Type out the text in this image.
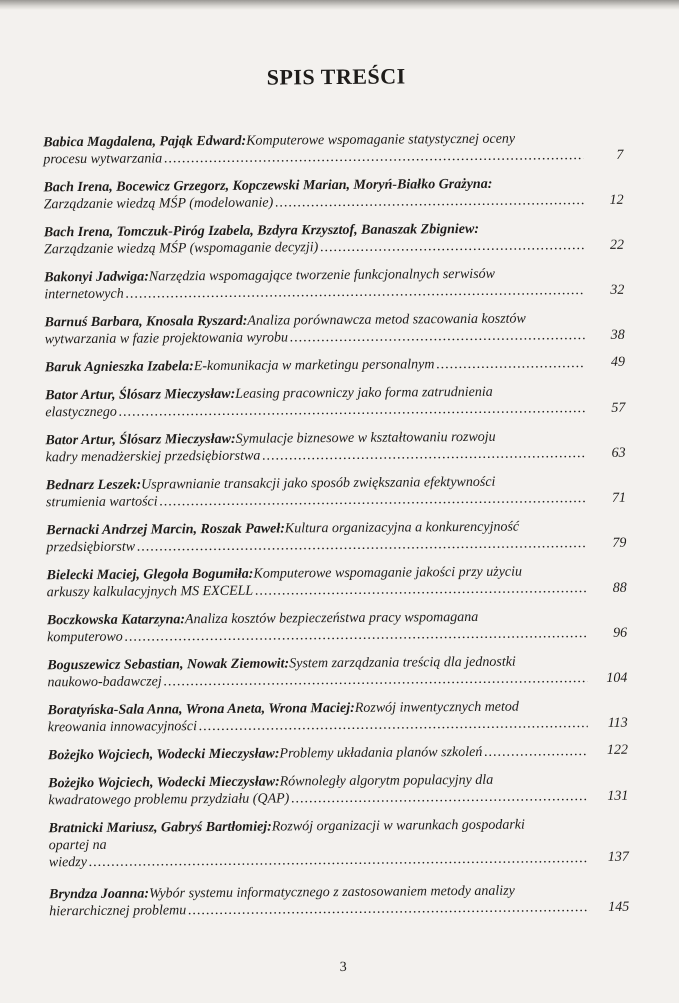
SPIS TREŚCI
Babica Magdalena, Pająk Edward: Komputerowe wspomaganie statystycznej oceny
procesu wytwarzania .....	7
Bach Irena, Bocewicz Grzegorz, Kopczewski Marian, Moryń-Białko Grażyna:
Zarządzanie wiedzą MŚP (modelowanie) .....	12
Bach Irena, Tomczuk-Piróg Izabela, Bzdyra Krzysztof, Banaszak Zbigniew:
Zarządzanie wiedzą MŚP (wspomaganie decyzji) .....	22
Bakonyi Jadwiga: Narzędzia wspomagające tworzenie funkcjonalnych serwisów
internetowych .....	32
Barnuś Barbara, Knosala Ryszard: Analiza porównawcza metod szacowania kosztów
wytwarzania w fazie projektowania wyrobu .....	38
Baruk Agnieszka Izabela: E-komunikacja w marketingu personalnym .....	49
Bator Artur, Ślósarz Mieczysław: Leasing pracowniczy jako forma zatrudnienia
elastycznego .....	57
Bator Artur, Ślósarz Mieczysław: Symulacje biznesowe w kształtowaniu rozwoju
kadry menadżerskiej przedsiębiorstwa .....	63
Bednarz Leszek: Usprawnianie transakcji jako sposób zwiększania efektywności
strumienia wartości .....	71
Bernacki Andrzej Marcin, Roszak Paweł: Kultura organizacyjna a konkurencyjność
przedsiębiorstw .....	79
Bielecki Maciej, Glegoła Bogumiła: Komputerowe wspomaganie jakości przy użyciu
arkuszy kalkulacyjnych MS EXCELL .....	88
Boczkowska Katarzyna: Analiza kosztów bezpieczeństwa pracy wspomagana
komputerowo .....	96
Boguszewicz Sebastian, Nowak Ziemowit: System zarządzania treścią dla jednostki
naukowo-badawczej .....	104
Boratyńska-Sala Anna, Wrona Aneta, Wrona Maciej: Rozwój inwentycznych metod
kreowania innowacyjności .....	113
Bożejko Wojciech, Wodecki Mieczysław: Problemy układania planów szkoleń .....	122
Bożejko Wojciech, Wodecki Mieczysław: Równoległy algorytm populacyjny dla
kwadratowego problemu przydziału (QAP) .....	131
Bratnicki Mariusz, Gabryś Bartłomiej: Rozwój organizacji w warunkach gospodarki
opartej na
wiedzy .....	137
Bryndza Joanna: Wybór systemu informatycznego z zastosowaniem metody analizy
hierarchicznej problemu .....	145
3
